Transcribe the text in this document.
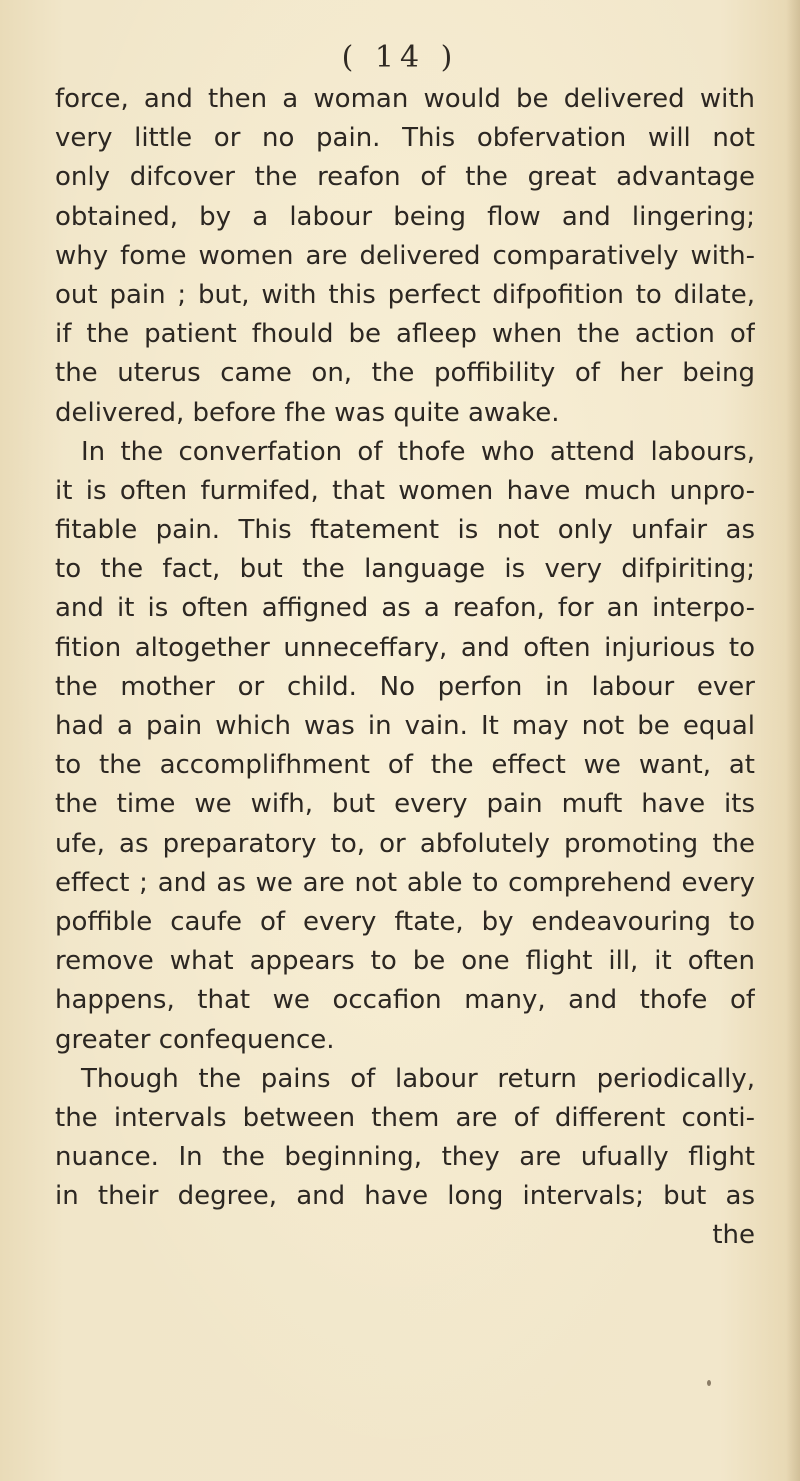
( 14 )
force, and then a woman would be delivered with
very little or no pain. This obfervation will not
only difcover the reafon of the great advantage
obtained, by a labour being flow and lingering;
why fome women are delivered comparatively with-
out pain ; but, with this perfect difpofition to dilate,
if the patient fhould be afleep when the action of
the uterus came on, the poffibility of her being
delivered, before fhe was quite awake.
In the converfation of thofe who attend labours,
it is often furmifed, that women have much unpro-
fitable pain. This ftatement is not only unfair as
to the fact, but the language is very difpiriting;
and it is often affigned as a reafon, for an interpo-
fition altogether unneceffary, and often injurious to
the mother or child. No perfon in labour ever
had a pain which was in vain. It may not be equal
to the accomplifhment of the effect we want, at
the time we wifh, but every pain muft have its
ufe, as preparatory to, or abfolutely promoting the
effect ; and as we are not able to comprehend every
poffible caufe of every ftate, by endeavouring to
remove what appears to be one flight ill, it often
happens, that we occafion many, and thofe of
greater confequence.
Though the pains of labour return periodically,
the intervals between them are of different conti-
nuance. In the beginning, they are ufually flight
in their degree, and have long intervals; but as
the
